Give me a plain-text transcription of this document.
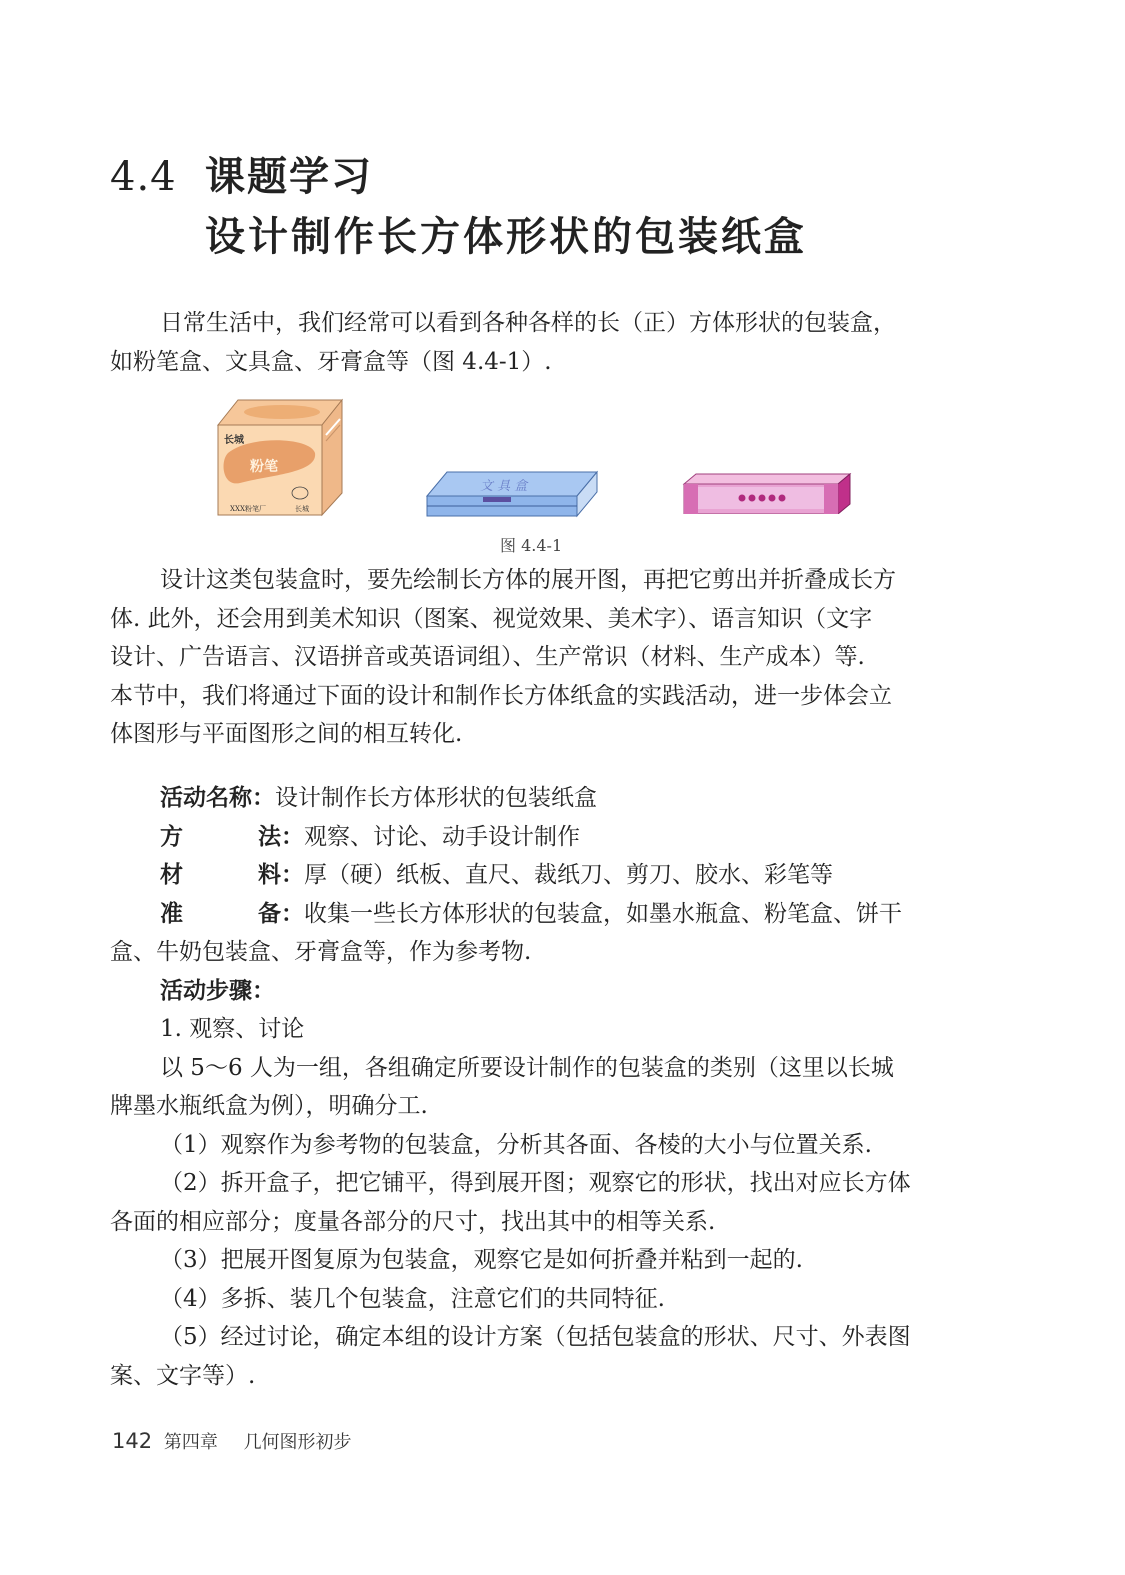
4.4 课题学习
设计制作长方体形状的包装纸盒
日常生活中，我们经常可以看到各种各样的长（正）方体形状的包装盒，
如粉笔盒、文具盒、牙膏盒等（图 4.4-1）.
长城
粉笔
XXX粉笔厂	长城
文 具 盒
图 4.4-1
设计这类包装盒时，要先绘制长方体的展开图，再把它剪出并折叠成长方
体. 此外，还会用到美术知识（图案、视觉效果、美术字）、语言知识（文字
设计、广告语言、汉语拼音或英语词组）、生产常识（材料、生产成本）等.
本节中，我们将通过下面的设计和制作长方体纸盒的实践活动，进一步体会立
体图形与平面图形之间的相互转化.
活动名称：设计制作长方体形状的包装纸盒
方	法：观察、讨论、动手设计制作
材	料：厚（硬）纸板、直尺、裁纸刀、剪刀、胶水、彩笔等
准	备：收集一些长方体形状的包装盒，如墨水瓶盒、粉笔盒、饼干
盒、牛奶包装盒、牙膏盒等，作为参考物.
活动步骤：
1. 观察、讨论
以 5～6 人为一组，各组确定所要设计制作的包装盒的类别（这里以长城
牌墨水瓶纸盒为例），明确分工.
（1）观察作为参考物的包装盒，分析其各面、各棱的大小与位置关系.
（2）拆开盒子，把它铺平，得到展开图；观察它的形状，找出对应长方体
各面的相应部分；度量各部分的尺寸，找出其中的相等关系.
（3）把展开图复原为包装盒，观察它是如何折叠并粘到一起的.
（4）多拆、装几个包装盒，注意它们的共同特征.
（5）经过讨论，确定本组的设计方案（包括包装盒的形状、尺寸、外表图
案、文字等）.
142 第四章 几何图形初步
